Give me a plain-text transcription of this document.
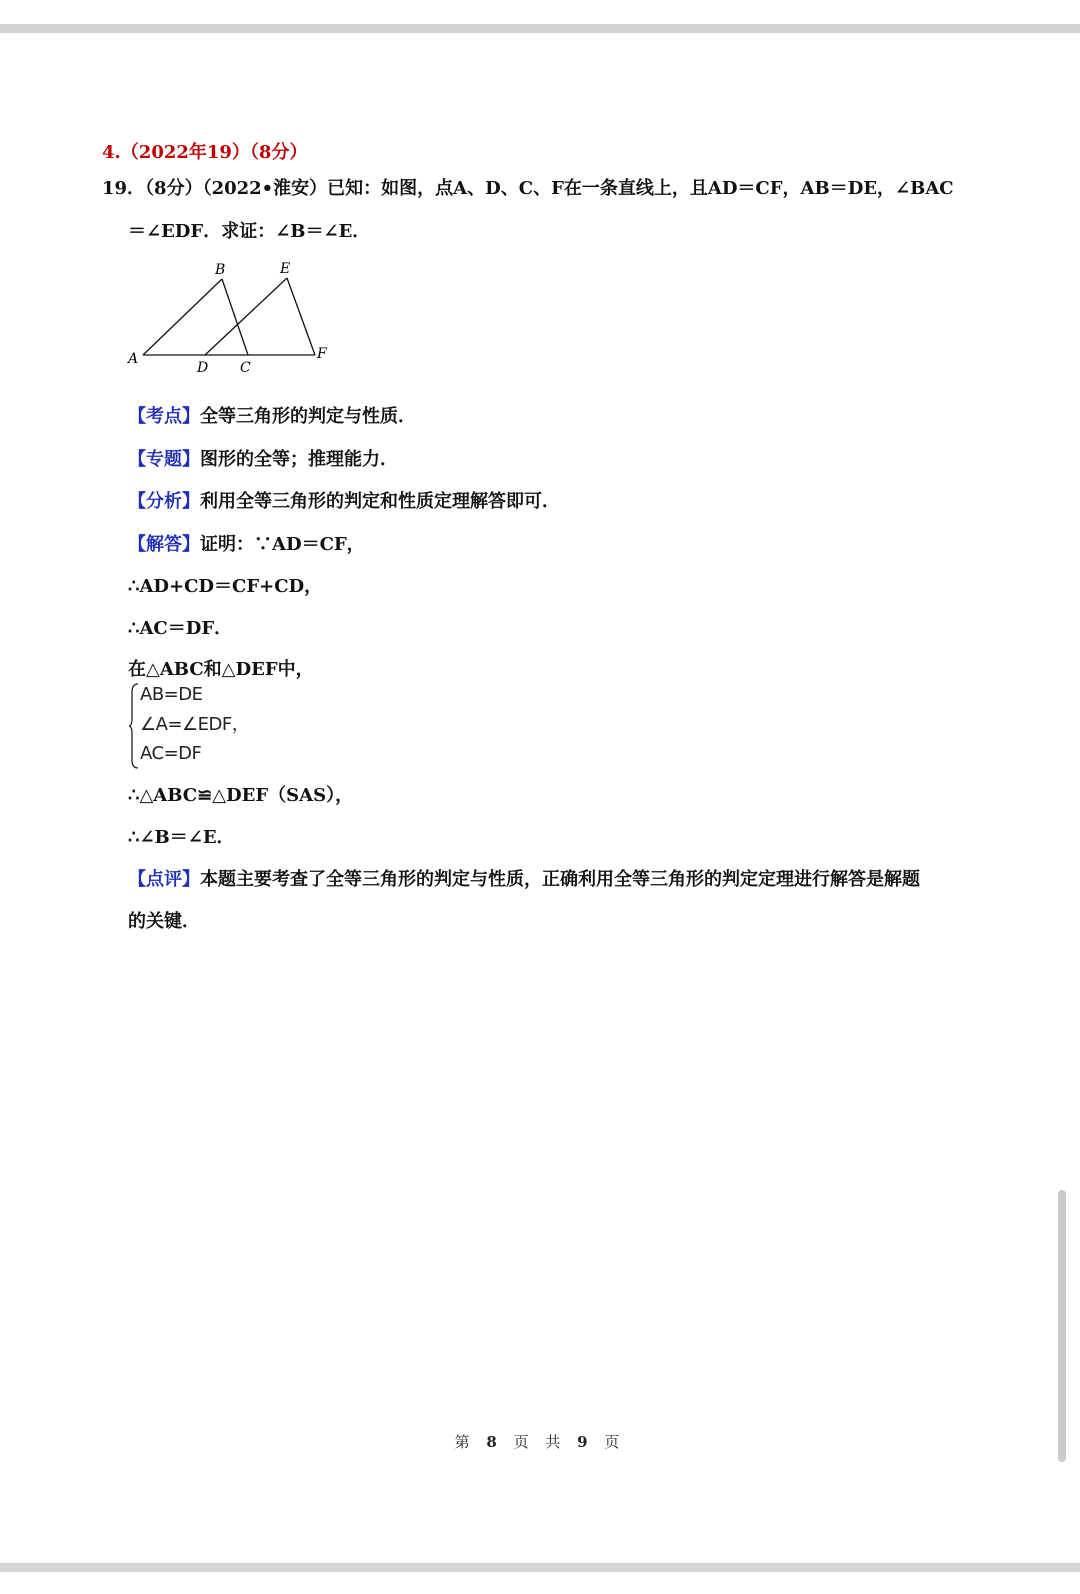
4.（2022年19）（8分）
19．（8分）（2022•淮安）已知：如图，点A、D、C、F在一条直线上，且AD＝CF，AB＝DE，∠BAC
＝∠EDF．求证：∠B＝∠E．
A
B	E
F
D C
【考点】全等三角形的判定与性质．
【专题】图形的全等；推理能力．
【分析】利用全等三角形的判定和性质定理解答即可．
【解答】证明：∵AD＝CF，
∴AD+CD＝CF+CD，
∴AC＝DF．
在△ABC和△DEF中，
AB=DE
∠A=∠EDF，
AC=DF
∴△ABC≌△DEF（SAS），
∴∠B＝∠E．
【点评】本题主要考查了全等三角形的判定与性质，正确利用全等三角形的判定定理进行解答是解题
的关键．
第 8 页 共 9 页
